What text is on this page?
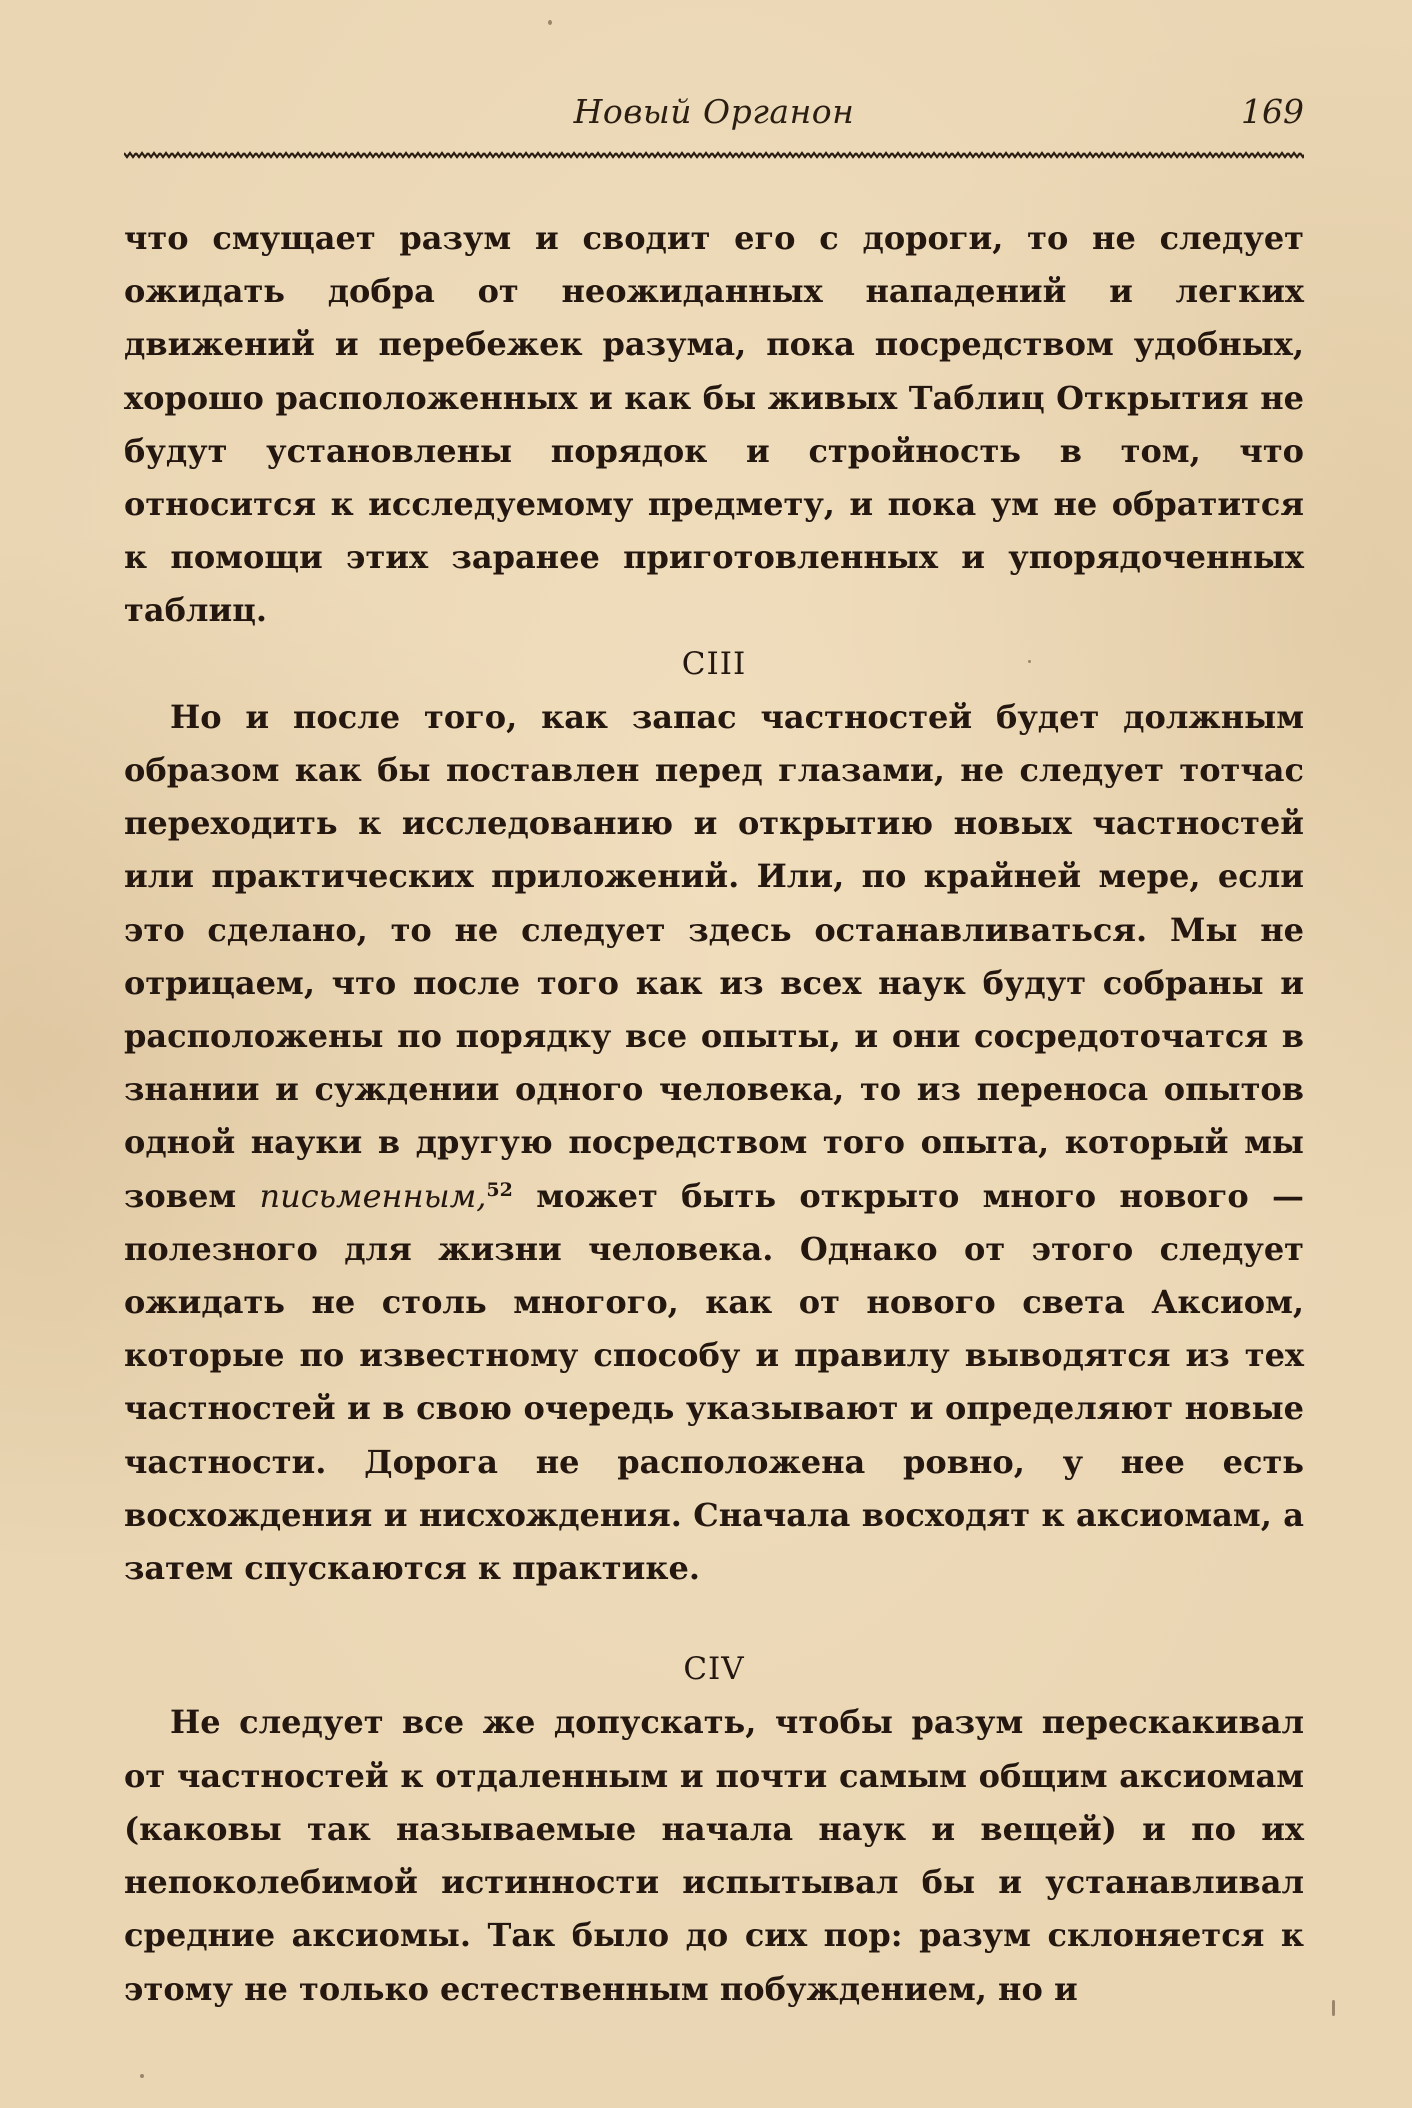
Новый Органон	169

что смущает разум и сводит его с дороги, то не следует ожидать добра от неожиданных нападений и легких движений и перебежек разума, пока посредством удобных, хорошо расположенных и как бы живых Таблиц Открытия не будут установлены порядок и стройность в том, что относится к исследуемому предмету, и пока ум не обратится к помощи этих заранее приготовленных и упорядоченных таблиц.

CIII

Но и после того, как запас частностей будет должным образом как бы поставлен перед глазами, не следует тотчас переходить к исследованию и открытию новых частностей или практических приложений. Или, по крайней мере, если это сделано, то не следует здесь останавливаться. Мы не отрицаем, что после того как из всех наук будут собраны и расположены по порядку все опыты, и они сосредоточатся в знании и суждении одного человека, то из переноса опытов одной науки в другую посредством того опыта, который мы зовем письменным,$^{52}$ может быть открыто много нового — полезного для жизни человека. Однако от этого следует ожидать не столь многого, как от нового света Аксиом, которые по известному способу и правилу выводятся из тех частностей и в свою очередь указывают и определяют новые частности. Дорога не расположена ровно, у нее есть восхождения и нисхождения. Сначала восходят к аксиомам, а затем спускаются к практике.

CIV

Не следует все же допускать, чтобы разум перескакивал от частностей к отдаленным и почти самым общим аксиомам (каковы так называемые начала наук и вещей) и по их непоколебимой истинности испытывал бы и устанавливал средние аксиомы. Так было до сих пор: разум склоняется к этому не только естественным побуждением, но и
